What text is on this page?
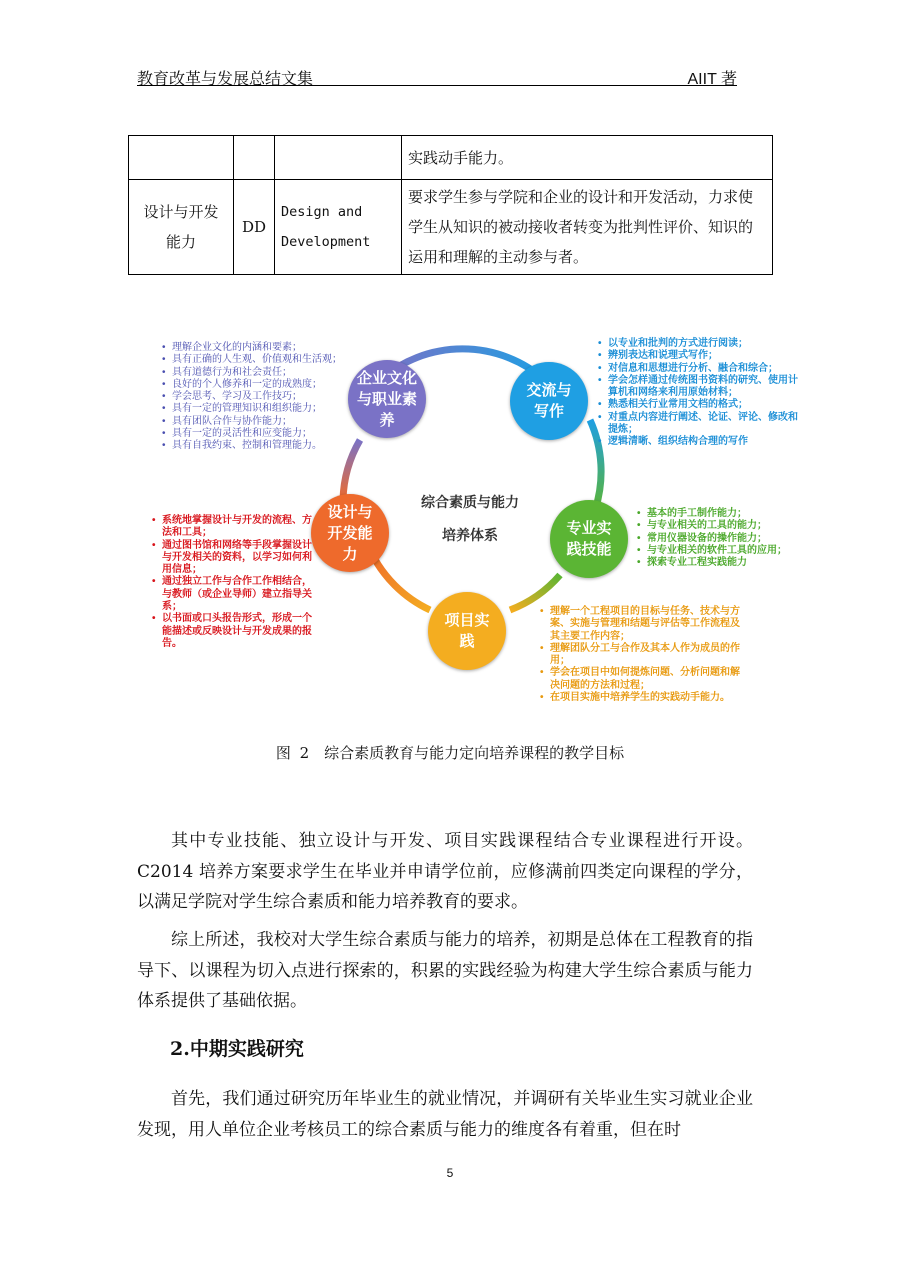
教育改革与发展总结文集	AIIT 著
			实践动手能力。
设计与开发能力	DD	Design and Development	要求学生参与学院和企业的设计和开发活动，力求使学生从知识的被动接收者转变为批判性评价、知识的运用和理解的主动参与者。
综合素质与能力
培养体系
企业文化与职业素养
交流与写作
专业实践技能
项目实践
设计与开发能力
• 理解企业文化的内涵和要素；
• 具有正确的人生观、价值观和生活观；
• 具有道德行为和社会责任；
• 良好的个人修养和一定的成熟度；
• 学会思考、学习及工作技巧；
• 具有一定的管理知识和组织能力；
• 具有团队合作与协作能力；
• 具有一定的灵活性和应变能力；
• 具有自我约束、控制和管理能力。
• 以专业和批判的方式进行阅读；
• 辨别表达和说理式写作；
• 对信息和思想进行分析、融合和综合；
• 学会怎样通过传统图书资料的研究、使用计算机和网络来利用原始材料；
• 熟悉相关行业常用文档的格式；
• 对重点内容进行阐述、论证、评论、修改和提炼；
• 逻辑清晰、组织结构合理的写作
• 基本的手工制作能力；
• 与专业相关的工具的能力；
• 常用仪器设备的操作能力；
• 与专业相关的软件工具的应用；
• 探索专业工程实践能力
• 理解一个工程项目的目标与任务、技术与方案、实施与管理和结题与评估等工作流程及其主要工作内容；
• 理解团队分工与合作及其本人作为成员的作用；
• 学会在项目中如何提炼问题、分析问题和解决问题的方法和过程；
• 在项目实施中培养学生的实践动手能力。
• 系统地掌握设计与开发的流程、方法和工具；
• 通过图书馆和网络等手段掌握设计与开发相关的资料，以学习如何利用信息；
• 通过独立工作与合作工作相结合，与教师（或企业导师）建立指导关系；
• 以书面或口头报告形式，形成一个能描述或反映设计与开发成果的报告。
图 2　综合素质教育与能力定向培养课程的教学目标

其中专业技能、独立设计与开发、项目实践课程结合专业课程进行开设。C2014 培养方案要求学生在毕业并申请学位前，应修满前四类定向课程的学分，以满足学院对学生综合素质和能力培养教育的要求。

综上所述，我校对大学生综合素质与能力的培养，初期是总体在工程教育的指导下、以课程为切入点进行探索的，积累的实践经验为构建大学生综合素质与能力体系提供了基础依据。

2.中期实践研究

首先，我们通过研究历年毕业生的就业情况，并调研有关毕业生实习就业企业发现，用人单位企业考核员工的综合素质与能力的维度各有着重，但在时

5
